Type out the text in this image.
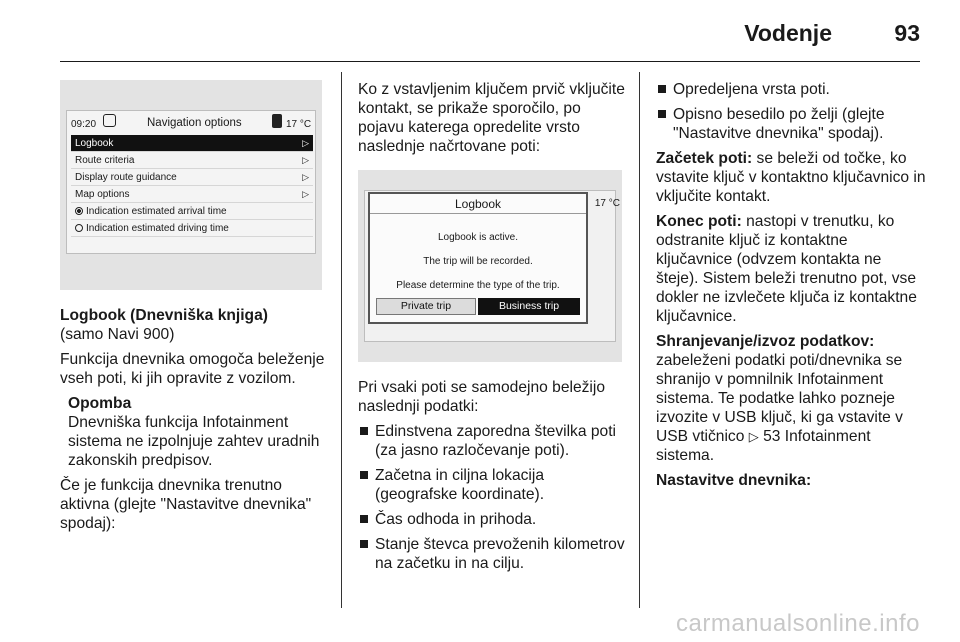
Vodenje	93
09:20	Navigation options	17 °C
Logbook	▷
Route criteria	▷
Display route guidance	▷
Map options	▷
Indication estimated arrival time
Indication estimated driving time

Logbook (Dnevniška knjiga)
(samo Navi 900)

Funkcija dnevnika omogoča beleženje vseh poti, ki jih opravite z vozilom.

Opomba
Dnevniška funkcija Infotainment sistema ne izpolnjuje zahtev uradnih zakonskih predpisov.

Če je funkcija dnevnika trenutno aktivna (glejte "Nastavitve dnevnika" spodaj):

Ko z vstavljenim ključem prvič vključite kontakt, se prikaže sporočilo, po pojavu katerega opredelite vrsto naslednje načrtovane poti:

17 °C
Logbook
Logbook is active.
The trip will be recorded.
Please determine the type of the trip.
Private trip	Business trip

Pri vsaki poti se samodejno beležijo naslednji podatki:

Edinstvena zaporedna številka poti (za jasno razločevanje poti).
Začetna in ciljna lokacija (geografske koordinate).
Čas odhoda in prihoda.
Stanje števca prevoženih kilometrov na začetku in na cilju.
Opredeljena vrsta poti.
Opisno besedilo po želji (glejte "Nastavitve dnevnika" spodaj).

Začetek poti: se beleži od točke, ko vstavite ključ v kontaktno ključavnico in vključite kontakt.

Konec poti: nastopi v trenutku, ko odstranite ključ iz kontaktne ključavnice (odvzem kontakta ne šteje). Sistem beleži trenutno pot, vse dokler ne izvlečete ključa iz kontaktne ključavnice.

Shranjevanje/izvoz podatkov:
zabeleženi podatki poti/dnevnika se shranijo v pomnilnik Infotainment sistema. Te podatke lahko pozneje izvozite v USB ključ, ki ga vstavite v USB vtičnico ▷ 53 Infotainment sistema.

Nastavitve dnevnika:

carmanualsonline.info
